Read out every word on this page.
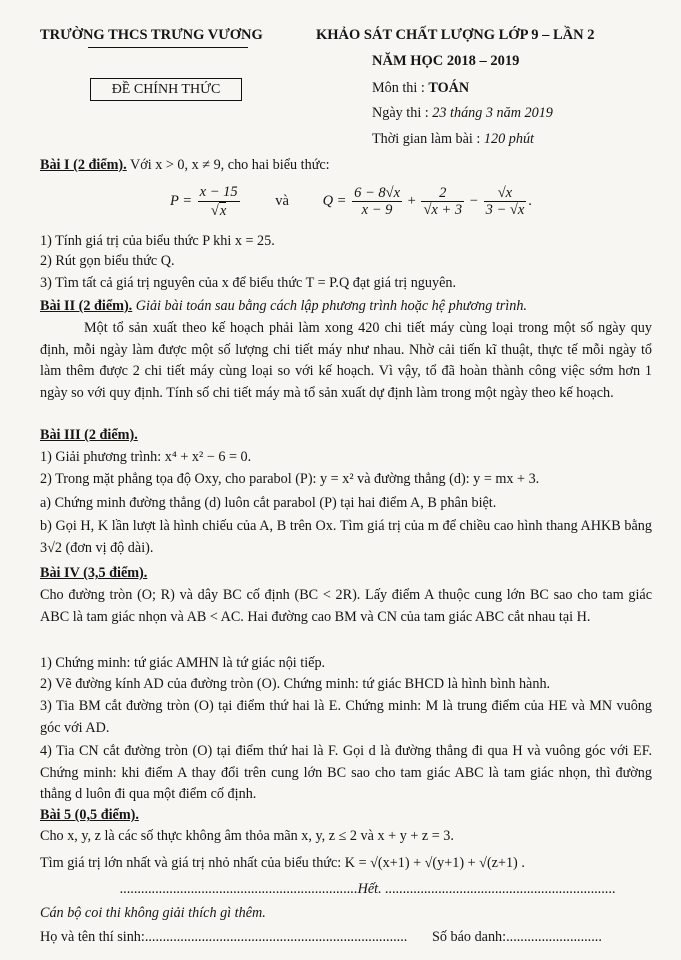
TRƯỜNG THCS TRƯNG VƯƠNG	KHẢO SÁT CHẤT LƯỢNG LỚP 9 – LẦN 2
NĂM HỌC 2018 – 2019
ĐỀ CHÍNH THỨC	Môn thi : TOÁN
Ngày thi : 23 tháng 3 năm 2019
Thời gian làm bài : 120 phút
Bài I (2 điểm). Với x > 0, x ≠ 9, cho hai biểu thức:
$P = \frac{x - 15}{√x}$ và $Q = \frac{6 - 8√x}{x - 9} + \frac{2}{√x + 3} - \frac{√x}{3 - √x}$ .
1) Tính giá trị của biểu thức P khi x = 25.
2) Rút gọn biểu thức Q.
3) Tìm tất cả giá trị nguyên của x để biểu thức T = P.Q đạt giá trị nguyên.
Bài II (2 điểm). Giải bài toán sau bằng cách lập phương trình hoặc hệ phương trình.
Một tổ sản xuất theo kế hoạch phải làm xong 420 chi tiết máy cùng loại trong một số ngày quy định, mỗi ngày làm được một số lượng chi tiết máy như nhau. Nhờ cải tiến kĩ thuật, thực tế mỗi ngày tổ làm thêm được 2 chi tiết máy cùng loại so với kế hoạch. Vì vậy, tổ đã hoàn thành công việc sớm hơn 1 ngày so với quy định. Tính số chi tiết máy mà tổ sản xuất dự định làm trong một ngày theo kế hoạch.
Bài III (2 điểm).
1) Giải phương trình: x⁴ + x² − 6 = 0.
2) Trong mặt phẳng tọa độ Oxy, cho parabol (P): y = x² và đường thẳng (d): y = mx + 3.
a) Chứng minh đường thẳng (d) luôn cắt parabol (P) tại hai điểm A, B phân biệt.
b) Gọi H, K lần lượt là hình chiếu của A, B trên Ox. Tìm giá trị của m để chiều cao hình thang AHKB bằng 3√2 (đơn vị độ dài).
Bài IV (3,5 điểm).
Cho đường tròn (O; R) và dây BC cố định (BC < 2R). Lấy điểm A thuộc cung lớn BC sao cho tam giác ABC là tam giác nhọn và AB < AC. Hai đường cao BM và CN của tam giác ABC cắt nhau tại H.
1) Chứng minh: tứ giác AMHN là tứ giác nội tiếp.
2) Vẽ đường kính AD của đường tròn (O). Chứng minh: tứ giác BHCD là hình bình hành.
3) Tia BM cắt đường tròn (O) tại điểm thứ hai là E. Chứng minh: M là trung điểm của HE và MN vuông góc với AD.
4) Tia CN cắt đường tròn (O) tại điểm thứ hai là F. Gọi d là đường thẳng đi qua H và vuông góc với EF. Chứng minh: khi điểm A thay đổi trên cung lớn BC sao cho tam giác ABC là tam giác nhọn, thì đường thẳng d luôn đi qua một điểm cố định.
Bài 5 (0,5 điểm).
Cho x, y, z là các số thực không âm thỏa mãn x, y, z ≤ 2 và x + y + z = 3.
Tìm giá trị lớn nhất và giá trị nhỏ nhất của biểu thức: K = √(x+1) + √(y+1) + √(z+1) .
...................................................................Hết. .................................................................
Cán bộ coi thi không giải thích gì thêm.
Họ và tên thí sinh:.......................................................................... Số báo danh:...........................
